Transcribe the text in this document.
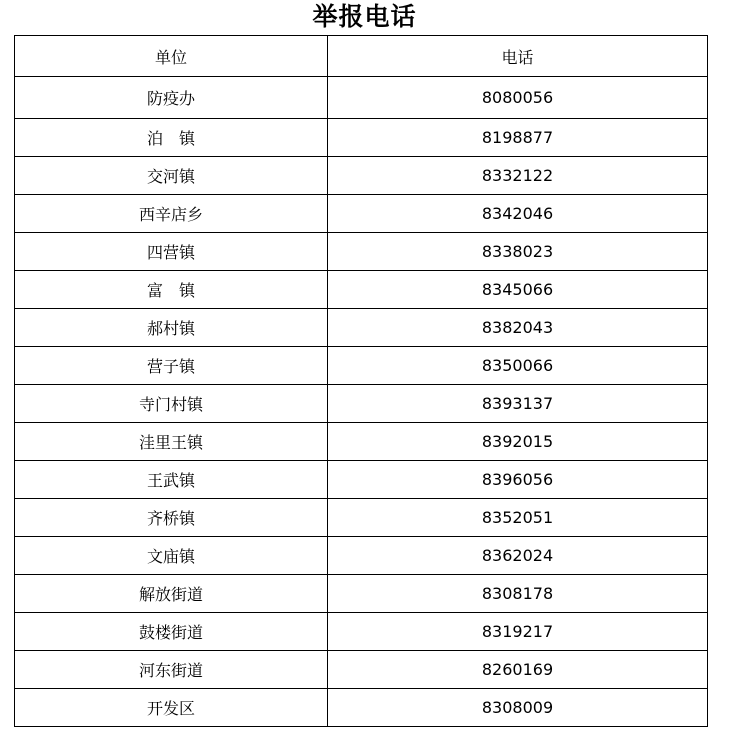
举报电话
单位	电话
防疫办	8080056
泊　镇	8198877
交河镇	8332122
西辛店乡	8342046
四营镇	8338023
富　镇	8345066
郝村镇	8382043
营子镇	8350066
寺门村镇	8393137
洼里王镇	8392015
王武镇	8396056
齐桥镇	8352051
文庙镇	8362024
解放街道	8308178
鼓楼街道	8319217
河东街道	8260169
开发区	8308009
